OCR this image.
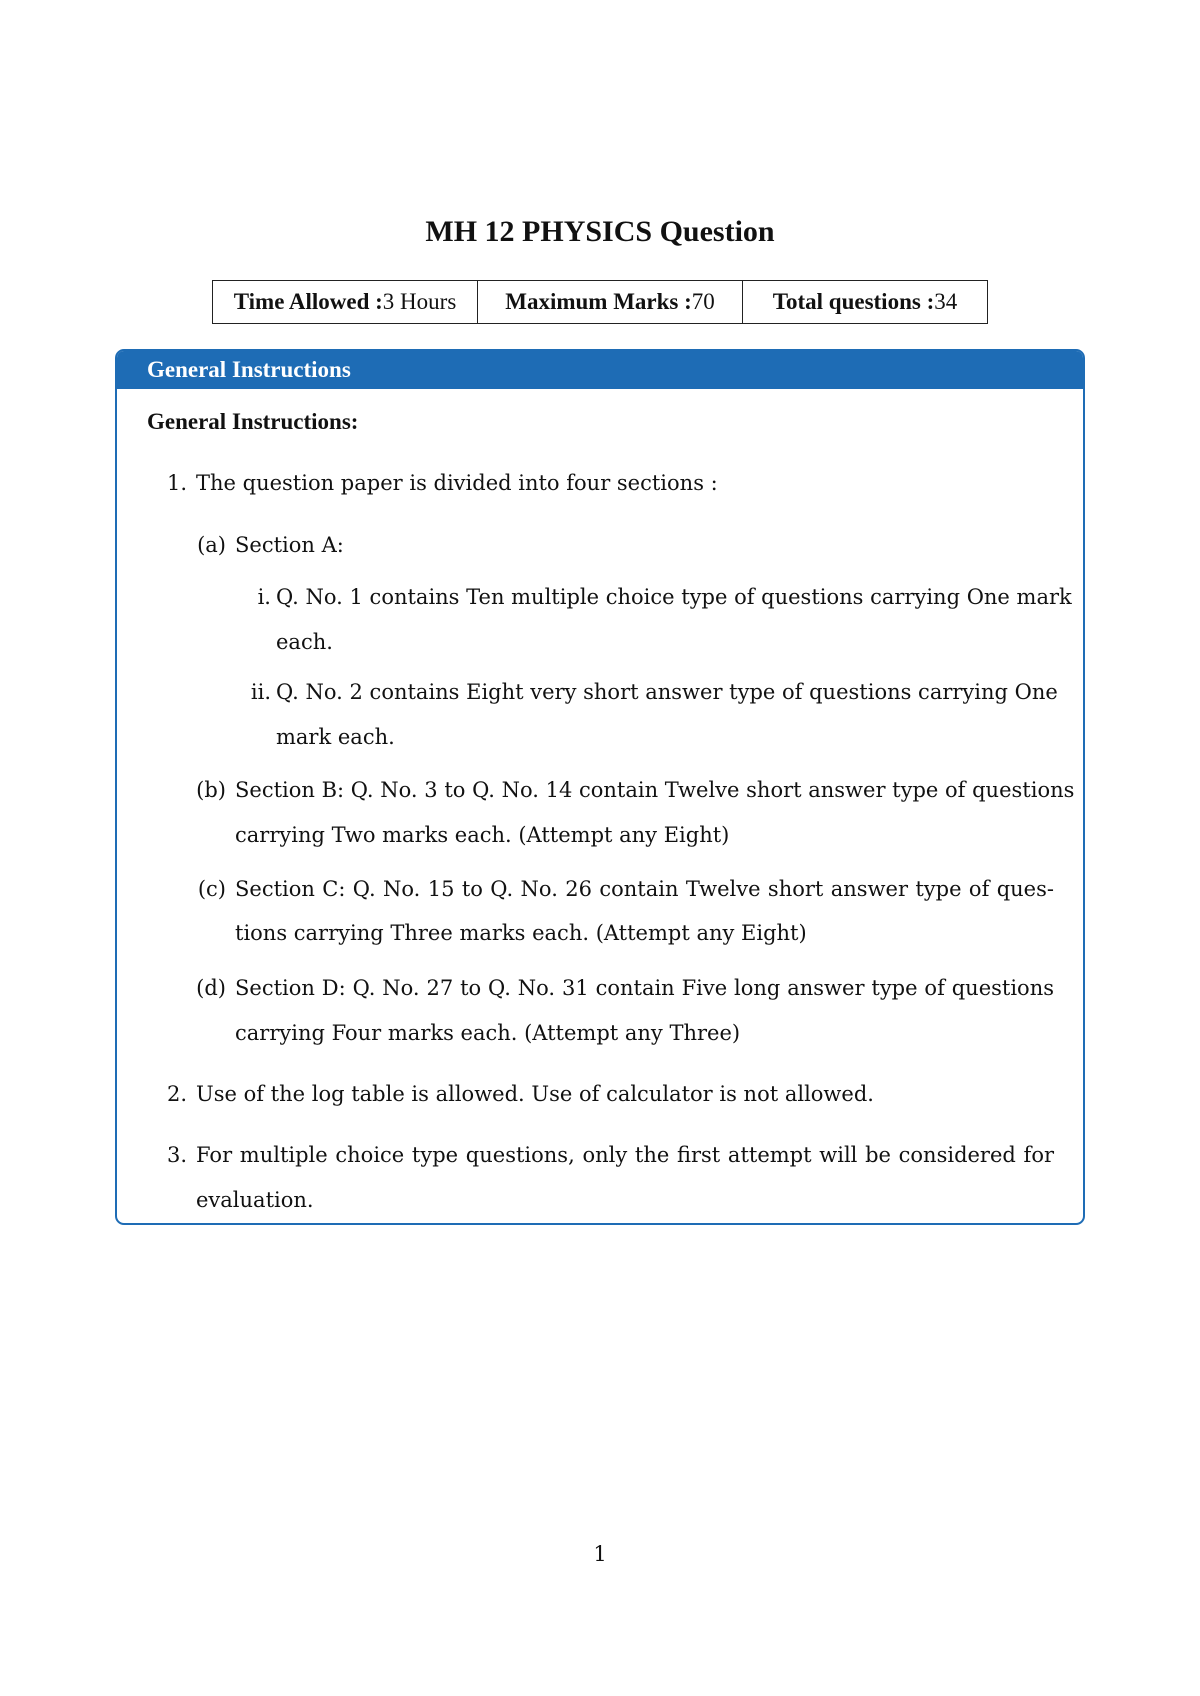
MH 12 PHYSICS Question
Time Allowed :3 Hours	Maximum Marks :70	Total questions :34
General Instructions
General Instructions:
1. The question paper is divided into four sections :
(a) Section A:
i. Q. No. 1 contains Ten multiple choice type of questions carrying One mark
each.
ii. Q. No. 2 contains Eight very short answer type of questions carrying One
mark each.
(b) Section B: Q. No. 3 to Q. No. 14 contain Twelve short answer type of questions
carrying Two marks each. (Attempt any Eight)
(c) Section C: Q. No. 15 to Q. No. 26 contain Twelve short answer type of ques-
tions carrying Three marks each. (Attempt any Eight)
(d) Section D: Q. No. 27 to Q. No. 31 contain Five long answer type of questions
carrying Four marks each. (Attempt any Three)
2. Use of the log table is allowed. Use of calculator is not allowed.
3. For multiple choice type questions, only the first attempt will be considered for
evaluation.
1
